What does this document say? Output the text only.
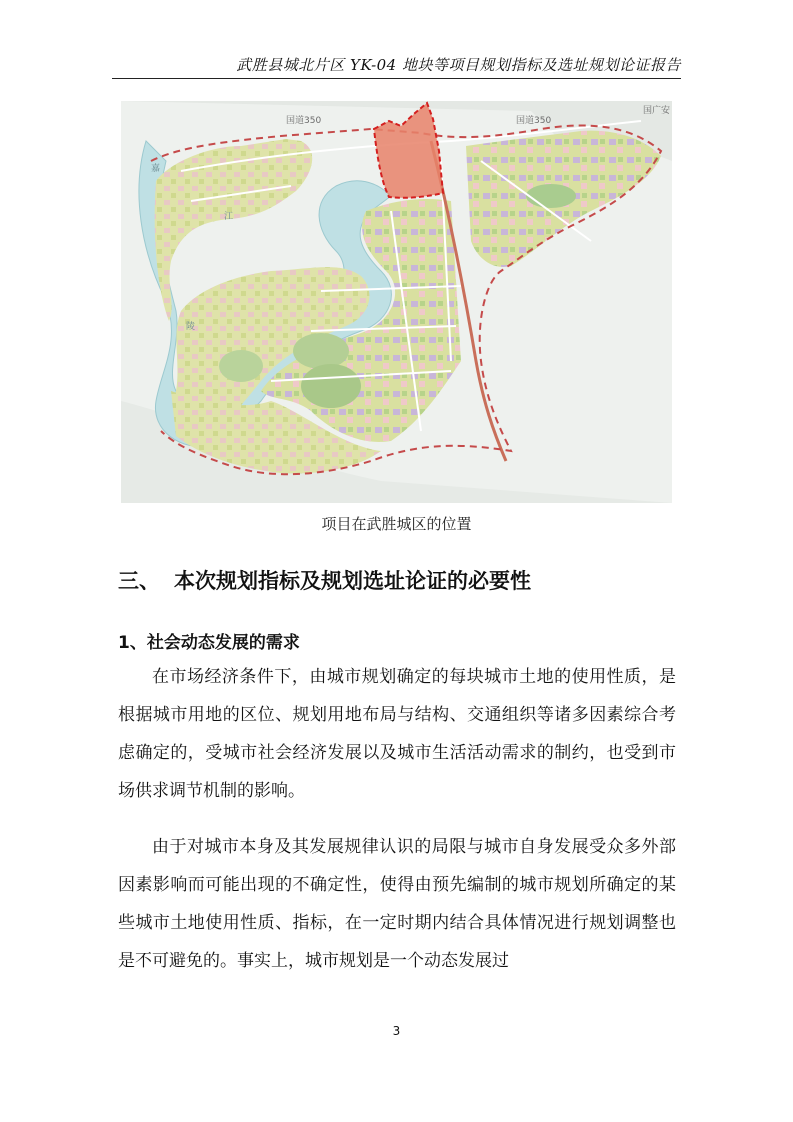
武胜县城北片区 YK-04 地块等项目规划指标及选址规划论证报告
国道350	国道350
国广安
嘉
江
陵
项目在武胜城区的位置
三、 本次规划指标及规划选址论证的必要性
1、社会动态发展的需求

在市场经济条件下，由城市规划确定的每块城市土地的使用性质，是根据城市用地的区位、规划用地布局与结构、交通组织等诸多因素综合考虑确定的，受城市社会经济发展以及城市生活活动需求的制约，也受到市场供求调节机制的影响。

由于对城市本身及其发展规律认识的局限与城市自身发展受众多外部因素影响而可能出现的不确定性，使得由预先编制的城市规划所确定的某些城市土地使用性质、指标，在一定时期内结合具体情况进行规划调整也是不可避免的。事实上，城市规划是一个动态发展过

3
